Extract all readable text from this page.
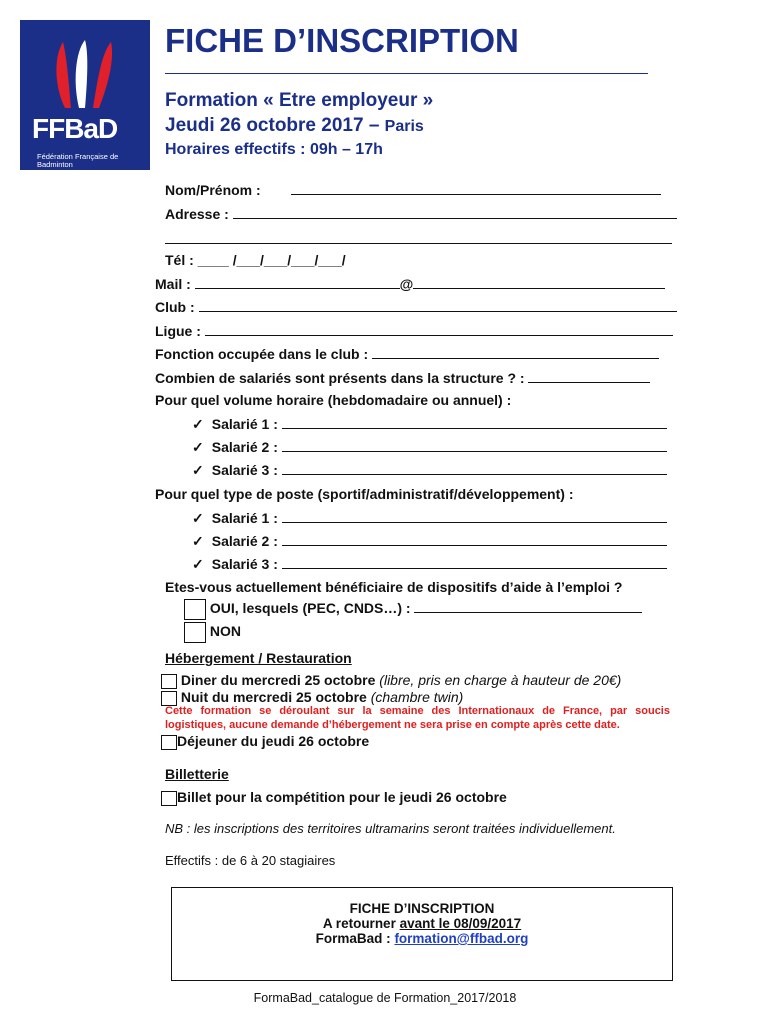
FFBaD
Fédération Française de Badminton
FICHE D’INSCRIPTION
Formation « Etre employeur »
Jeudi 26 octobre 2017 – Paris
Horaires effectifs : 09h – 17h
Nom/Prénom :
Adresse :
Tél : ____ /___/___/___/___/
Mail :	@
Club :
Ligue :
Fonction occupée dans le club :
Combien de salariés sont présents dans la structure ? :
Pour quel volume horaire (hebdomadaire ou annuel) :
✓ Salarié 1 :
✓ Salarié 2 :
✓ Salarié 3 :
Pour quel type de poste (sportif/administratif/développement) :
✓ Salarié 1 :
✓ Salarié 2 :
✓ Salarié 3 :
Etes-vous actuellement bénéficiaire de dispositifs d’aide à l’emploi ?
OUI, lesquels (PEC, CNDS…) :
NON
Hébergement / Restauration
Diner du mercredi 25 octobre (libre, pris en charge à hauteur de 20€)
Nuit du mercredi 25 octobre (chambre twin)
Cette formation se déroulant sur la semaine des Internationaux de France, par soucis
logistiques, aucune demande d’hébergement ne sera prise en compte après cette date.
Déjeuner du jeudi 26 octobre
Billetterie
Billet pour la compétition pour le jeudi 26 octobre
NB : les inscriptions des territoires ultramarins seront traitées individuellement.
Effectifs : de 6 à 20 stagiaires
FICHE D’INSCRIPTION
A retourner avant le 08/09/2017
FormaBad : formation@ffbad.org
FormaBad_catalogue de Formation_2017/2018
